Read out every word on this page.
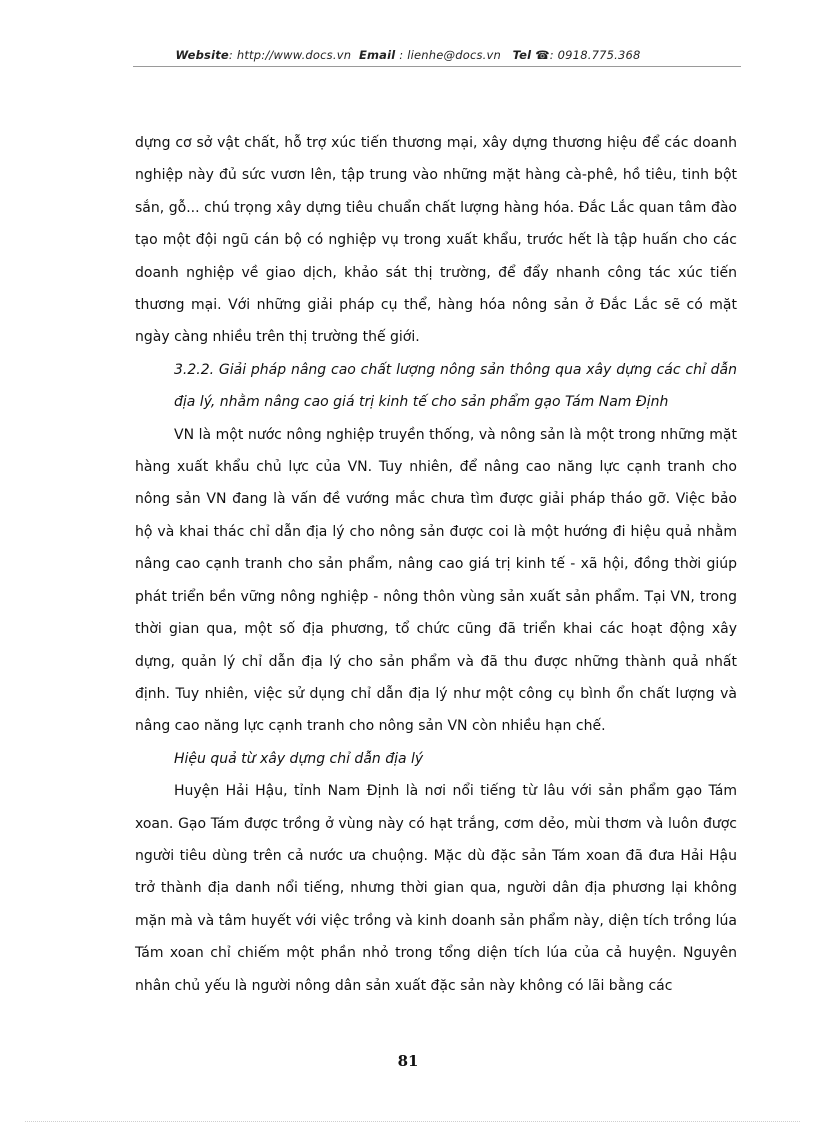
Website: http://www.docs.vn Email : lienhe@docs.vn Tel ☎: 0918.775.368

dựng cơ sở vật chất, hỗ trợ xúc tiến thương mại, xây dựng thương hiệu để các doanh nghiệp này đủ sức vươn lên, tập trung vào những mặt hàng cà-phê, hồ tiêu, tinh bột sắn, gỗ... chú trọng xây dựng tiêu chuẩn chất lượng hàng hóa. Đắc Lắc quan tâm đào tạo một đội ngũ cán bộ có nghiệp vụ trong xuất khẩu, trước hết là tập huấn cho các doanh nghiệp về giao dịch, khảo sát thị trường, để đẩy nhanh công tác xúc tiến thương mại. Với những giải pháp cụ thể, hàng hóa nông sản ở Đắc Lắc sẽ có mặt ngày càng nhiều trên thị trường thế giới.

3.2.2. Giải pháp nâng cao chất lượng nông sản thông qua xây dựng các chỉ dẫn địa lý, nhằm nâng cao giá trị kinh tế cho sản phẩm gạo Tám Nam Định

VN là một nước nông nghiệp truyền thống, và nông sản là một trong những mặt hàng xuất khẩu chủ lực của VN. Tuy nhiên, để nâng cao năng lực cạnh tranh cho nông sản VN đang là vấn đề vướng mắc chưa tìm được giải pháp tháo gỡ. Việc bảo hộ và khai thác chỉ dẫn địa lý cho nông sản được coi là một hướng đi hiệu quả nhằm nâng cao cạnh tranh cho sản phẩm, nâng cao giá trị kinh tế - xã hội, đồng thời giúp phát triển bền vững nông nghiệp - nông thôn vùng sản xuất sản phẩm. Tại VN, trong thời gian qua, một số địa phương, tổ chức cũng đã triển khai các hoạt động xây dựng, quản lý chỉ dẫn địa lý cho sản phẩm và đã thu được những thành quả nhất định. Tuy nhiên, việc sử dụng chỉ dẫn địa lý như một công cụ bình ổn chất lượng và nâng cao năng lực cạnh tranh cho nông sản VN còn nhiều hạn chế.

Hiệu quả từ xây dựng chỉ dẫn địa lý

Huyện Hải Hậu, tỉnh Nam Định là nơi nổi tiếng từ lâu với sản phẩm gạo Tám xoan. Gạo Tám được trồng ở vùng này có hạt trắng, cơm dẻo, mùi thơm và luôn được người tiêu dùng trên cả nước ưa chuộng. Mặc dù đặc sản Tám xoan đã đưa Hải Hậu trở thành địa danh nổi tiếng, nhưng thời gian qua, người dân địa phương lại không mặn mà và tâm huyết với việc trồng và kinh doanh sản phẩm này, diện tích trồng lúa Tám xoan chỉ chiếm một phần nhỏ trong tổng diện tích lúa của cả huyện. Nguyên nhân chủ yếu là người nông dân sản xuất đặc sản này không có lãi bằng các

81
